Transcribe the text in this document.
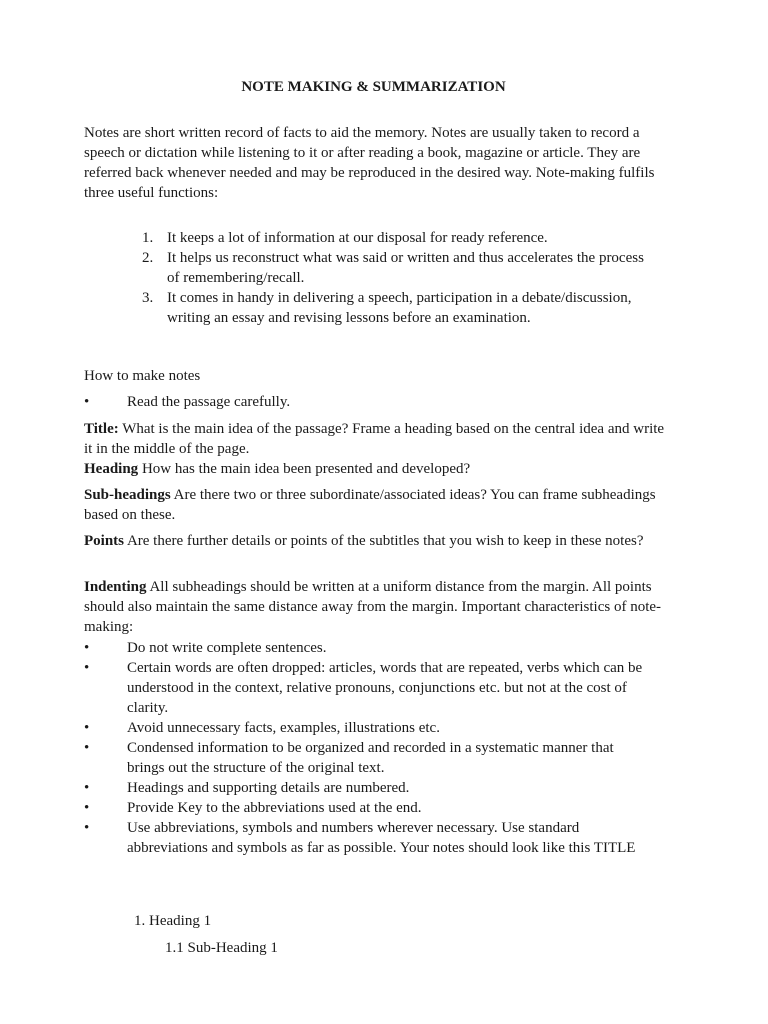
NOTE MAKING & SUMMARIZATION
Notes are short written record of facts to aid the memory. Notes are usually taken to record a speech or dictation while listening to it or after reading a book, magazine or article. They are referred back whenever needed and may be reproduced in the desired way. Note-making fulfils three useful functions:
1. It keeps a lot of information at our disposal for ready reference.
2. It helps us reconstruct what was said or written and thus accelerates the process of remembering/recall.
3. It comes in handy in delivering a speech, participation in a debate/discussion, writing an essay and revising lessons before an examination.
How to make notes
•	Read the passage carefully.
Title: What is the main idea of the passage? Frame a heading based on the central idea and write it in the middle of the page.
Heading How has the main idea been presented and developed?
Sub-headings Are there two or three subordinate/associated ideas? You can frame subheadings based on these.
Points Are there further details or points of the subtitles that you wish to keep in these notes?
Indenting All subheadings should be written at a uniform distance from the margin. All points should also maintain the same distance away from the margin. Important characteristics of note-making:
•	Do not write complete sentences.
•	Certain words are often dropped: articles, words that are repeated, verbs which can be understood in the context, relative pronouns, conjunctions etc. but not at the cost of clarity.
•	Avoid unnecessary facts, examples, illustrations etc.
•	Condensed information to be organized and recorded in a systematic manner that brings out the structure of the original text.
•	Headings and supporting details are numbered.
•	Provide Key to the abbreviations used at the end.
•	Use abbreviations, symbols and numbers wherever necessary. Use standard abbreviations and symbols as far as possible. Your notes should look like this TITLE
1. Heading 1
1.1 Sub-Heading 1
